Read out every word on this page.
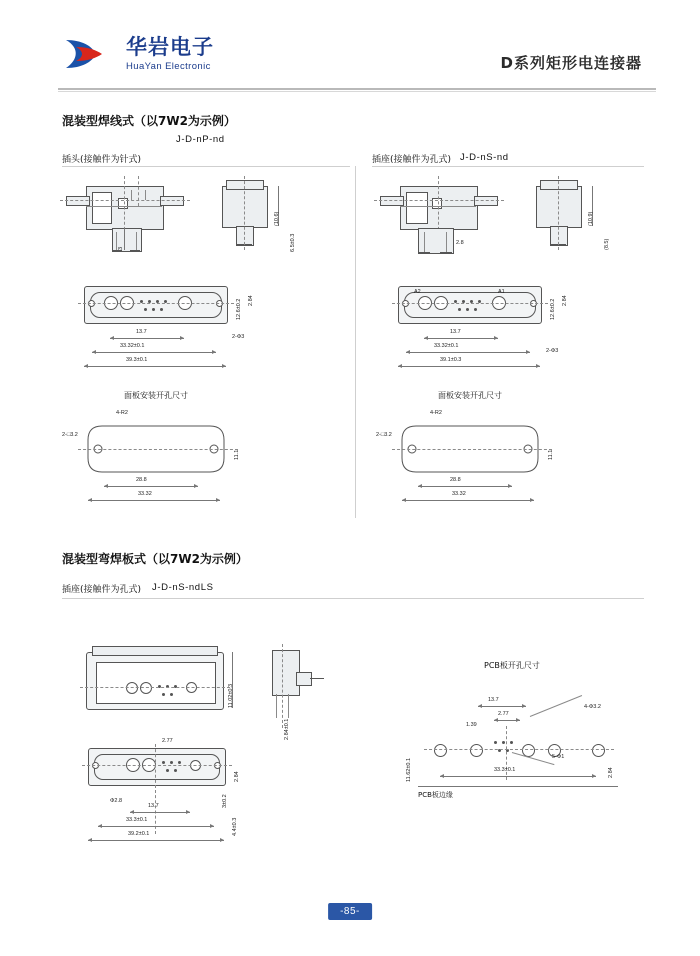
华岩电子
HuaYan Electronic	D系列矩形电连接器
混装型焊线式（以7W2为示例）
J-D-nP-nd
插头(接触件为针式)	插座(接触件为孔式) J-D-nS-nd
3
(10.6)
6.5±0.3
13.7
33.32±0.1
39.3±0.1
12.6±0.2 2.84
2-Φ3
面板安装开孔尺寸
4-R2
2-□3.2
28.8
33.32
11.1
2.8
(10.9)
(8.5)
A2	A1
13.7
33.32±0.1
39.1±0.3
12.6±0.2 2.84
2-Φ3
面板安装开孔尺寸
4-R2
2-□3.2
28.8
33.32
11.1
混装型弯焊板式（以7W2为示例）
插座(接触件为孔式) J-D-nS-ndLS
11.02±0.3
2.84±0.1
2.77
Φ2.8
13.7
33.3±0.1
39.2±0.1
2.84
4.4±0.3
3±0.2
PCB板开孔尺寸
13.7
2.77
1.39
4-Φ3.2
5-Φ1
33.3±0.1	2.84
11.62±0.1
PCB板边缘
-85-
